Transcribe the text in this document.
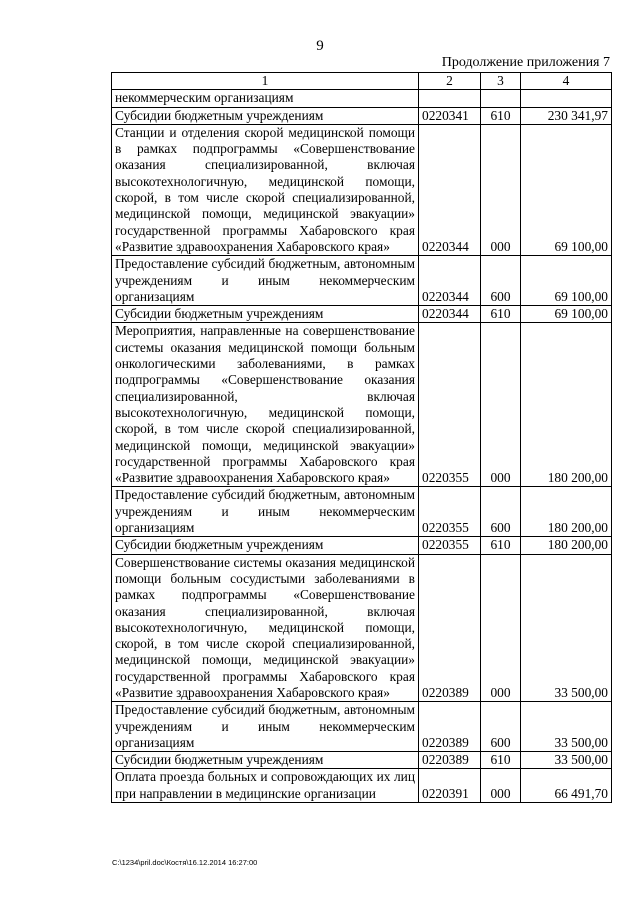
9
Продолжение приложения 7
1	2	3	4
некоммерческим организациям			
Субсидии бюджетным учреждениям	0220341	610	230 341,97
Станции и отделения скорой медицинской помощи в рамках подпрограммы «Совершенствование оказания специализированной, включая высокотехнологичную, медицинской помощи, скорой, в том числе скорой специализированной, медицинской помощи, медицинской эвакуации» государственной программы Хабаровского края «Развитие здравоохранения Хабаровского края»	0220344	000	69 100,00
Предоставление субсидий бюджетным, автономным учреждениям и иным некоммерческим организациям	0220344	600	69 100,00
Субсидии бюджетным учреждениям	0220344	610	69 100,00
Мероприятия, направленные на совершенствование системы оказания медицинской помощи больным онкологическими заболеваниями, в рамках подпрограммы «Совершенствование оказания специализированной, включая высокотехнологичную, медицинской помощи, скорой, в том числе скорой специализированной, медицинской помощи, медицинской эвакуации» государственной программы Хабаровского края «Развитие здравоохранения Хабаровского края»	0220355	000	180 200,00
Предоставление субсидий бюджетным, автономным учреждениям и иным некоммерческим организациям	0220355	600	180 200,00
Субсидии бюджетным учреждениям	0220355	610	180 200,00
Совершенствование системы оказания медицинской помощи больным сосудистыми заболеваниями в рамках подпрограммы «Совершенствование оказания специализированной, включая высокотехнологичную, медицинской помощи, скорой, в том числе скорой специализированной, медицинской помощи, медицинской эвакуации» государственной программы Хабаровского края «Развитие здравоохранения Хабаровского края»	0220389	000	33 500,00
Предоставление субсидий бюджетным, автономным учреждениям и иным некоммерческим организациям	0220389	600	33 500,00
Субсидии бюджетным учреждениям	0220389	610	33 500,00
Оплата проезда больных и сопровождающих их лиц при направлении в медицинские организации	0220391	000	66 491,70
C:\1234\pril.doc\Костя\16.12.2014 16:27:00
